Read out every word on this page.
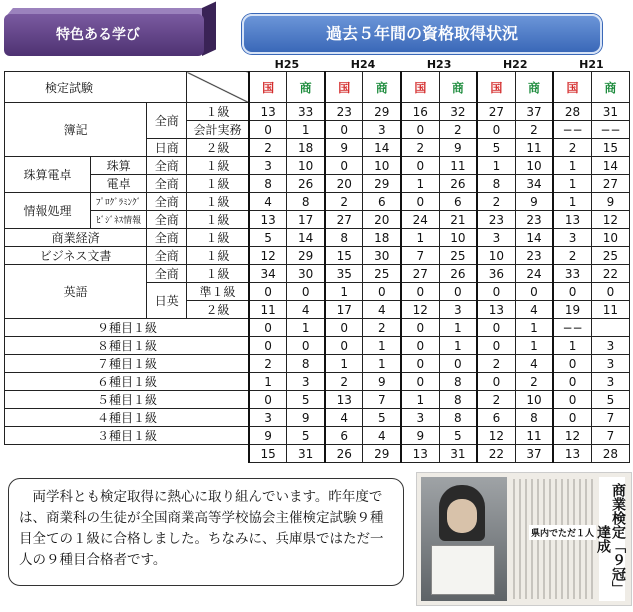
特色ある学び	過去５年間の資格取得状況
				H25		H24		H23		H22		H21	
検定試験				国	商	国	商	国	商	国	商	国	商
簿記		全商	１級	13	33	23	29	16	32	27	37	28	31
			会計実務	0	1	0	3	0	2	0	2	−−	−−
		日商	２級	2	18	9	14	2	9	5	11	2	15
珠算電卓	珠算	全商	１級	3	10	0	10	0	11	1	10	1	14
	電卓	全商	１級	8	26	20	29	1	26	8	34	1	27
情報処理	ﾌﾟﾛｸﾞﾗﾐﾝｸﾞ	全商	１級	4	8	2	6	0	6	2	9	1	9
	ﾋﾞｼﾞﾈｽ情報	全商	１級	13	17	27	20	24	21	23	23	13	12
商業経済		全商	１級	5	14	8	18	1	10	3	14	3	10
ビジネス文書		全商	１級	12	29	15	30	7	25	10	23	2	25
英語		全商	１級	34	30	35	25	27	26	36	24	33	22
		日英	準１級	0	0	1	0	0	0	0	0	0	0
			２級	11	4	17	4	12	3	13	4	19	11
９種目１級				0	1	0	2	0	1	0	1	−−	
８種目１級				0	0	0	1	0	1	0	1	1	3
７種目１級				2	8	1	1	0	0	2	4	0	3
６種目１級				1	3	2	9	0	8	0	2	0	3
５種目１級				0	5	13	7	1	8	2	10	0	5
４種目１級				3	9	4	5	3	8	6	8	0	7
３種目１級				9	5	6	4	9	5	12	11	12	7
				15	31	26	29	13	31	22	37	13	28
　両学科とも検定取得に熱心に取り組んでいます。昨年度では、商業科の生徒が全国商業高等学校協会主催検定試験９種目全ての１級に合格しました。ちなみに、兵庫県ではただ一人の９種目合格者です。
県内でただ１人	商業検定「９冠」達成
